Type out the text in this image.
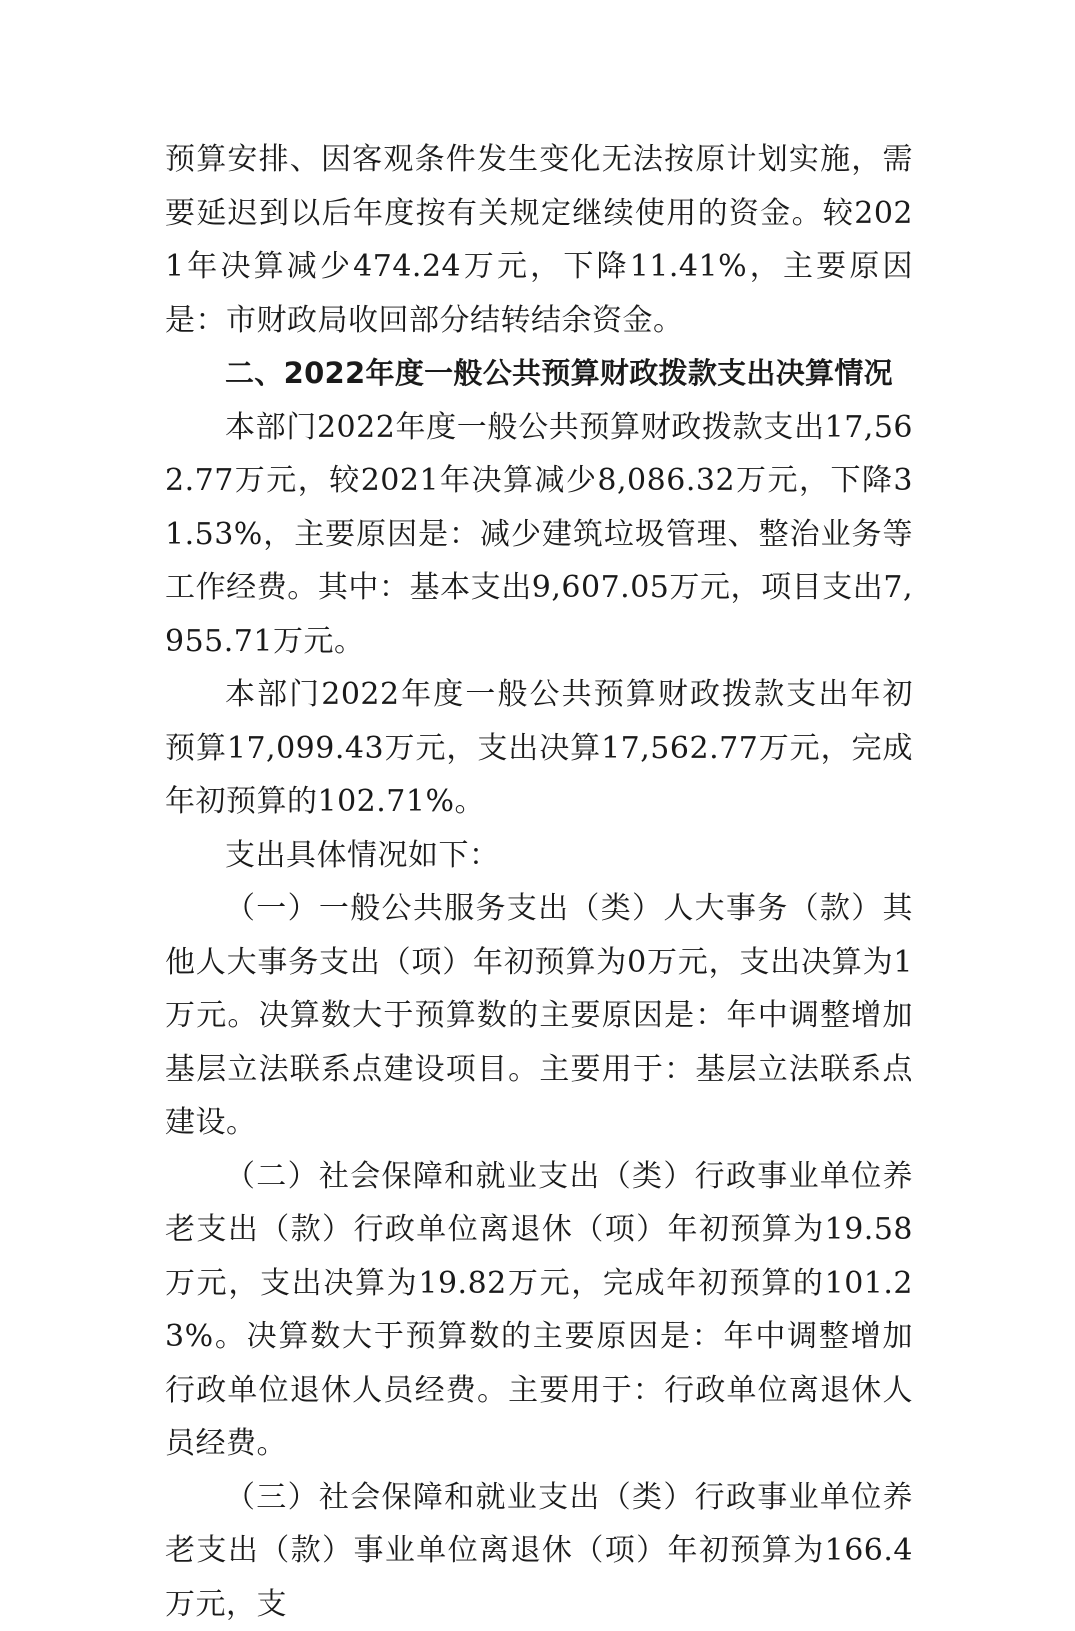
预算安排、因客观条件发生变化无法按原计划实施，需要延迟到以后年度按有关规定继续使用的资金。较2021年决算减少474.24万元，下降11.41%，主要原因是：市财政局收回部分结转结余资金。

二、2022年度一般公共预算财政拨款支出决算情况

本部门2022年度一般公共预算财政拨款支出17,562.77万元，较2021年决算减少8,086.32万元，下降31.53%，主要原因是：减少建筑垃圾管理、整治业务等工作经费。其中：基本支出9,607.05万元，项目支出7,955.71万元。

本部门2022年度一般公共预算财政拨款支出年初预算17,099.43万元，支出决算17,562.77万元，完成年初预算的102.71%。

支出具体情况如下：

（一）一般公共服务支出（类）人大事务（款）其他人大事务支出（项）年初预算为0万元，支出决算为1万元。决算数大于预算数的主要原因是：年中调整增加基层立法联系点建设项目。主要用于：基层立法联系点建设。

（二）社会保障和就业支出（类）行政事业单位养老支出（款）行政单位离退休（项）年初预算为19.58万元，支出决算为19.82万元，完成年初预算的101.23%。决算数大于预算数的主要原因是：年中调整增加行政单位退休人员经费。主要用于：行政单位离退休人员经费。

（三）社会保障和就业支出（类）行政事业单位养老支出（款）事业单位离退休（项）年初预算为166.4万元，支
